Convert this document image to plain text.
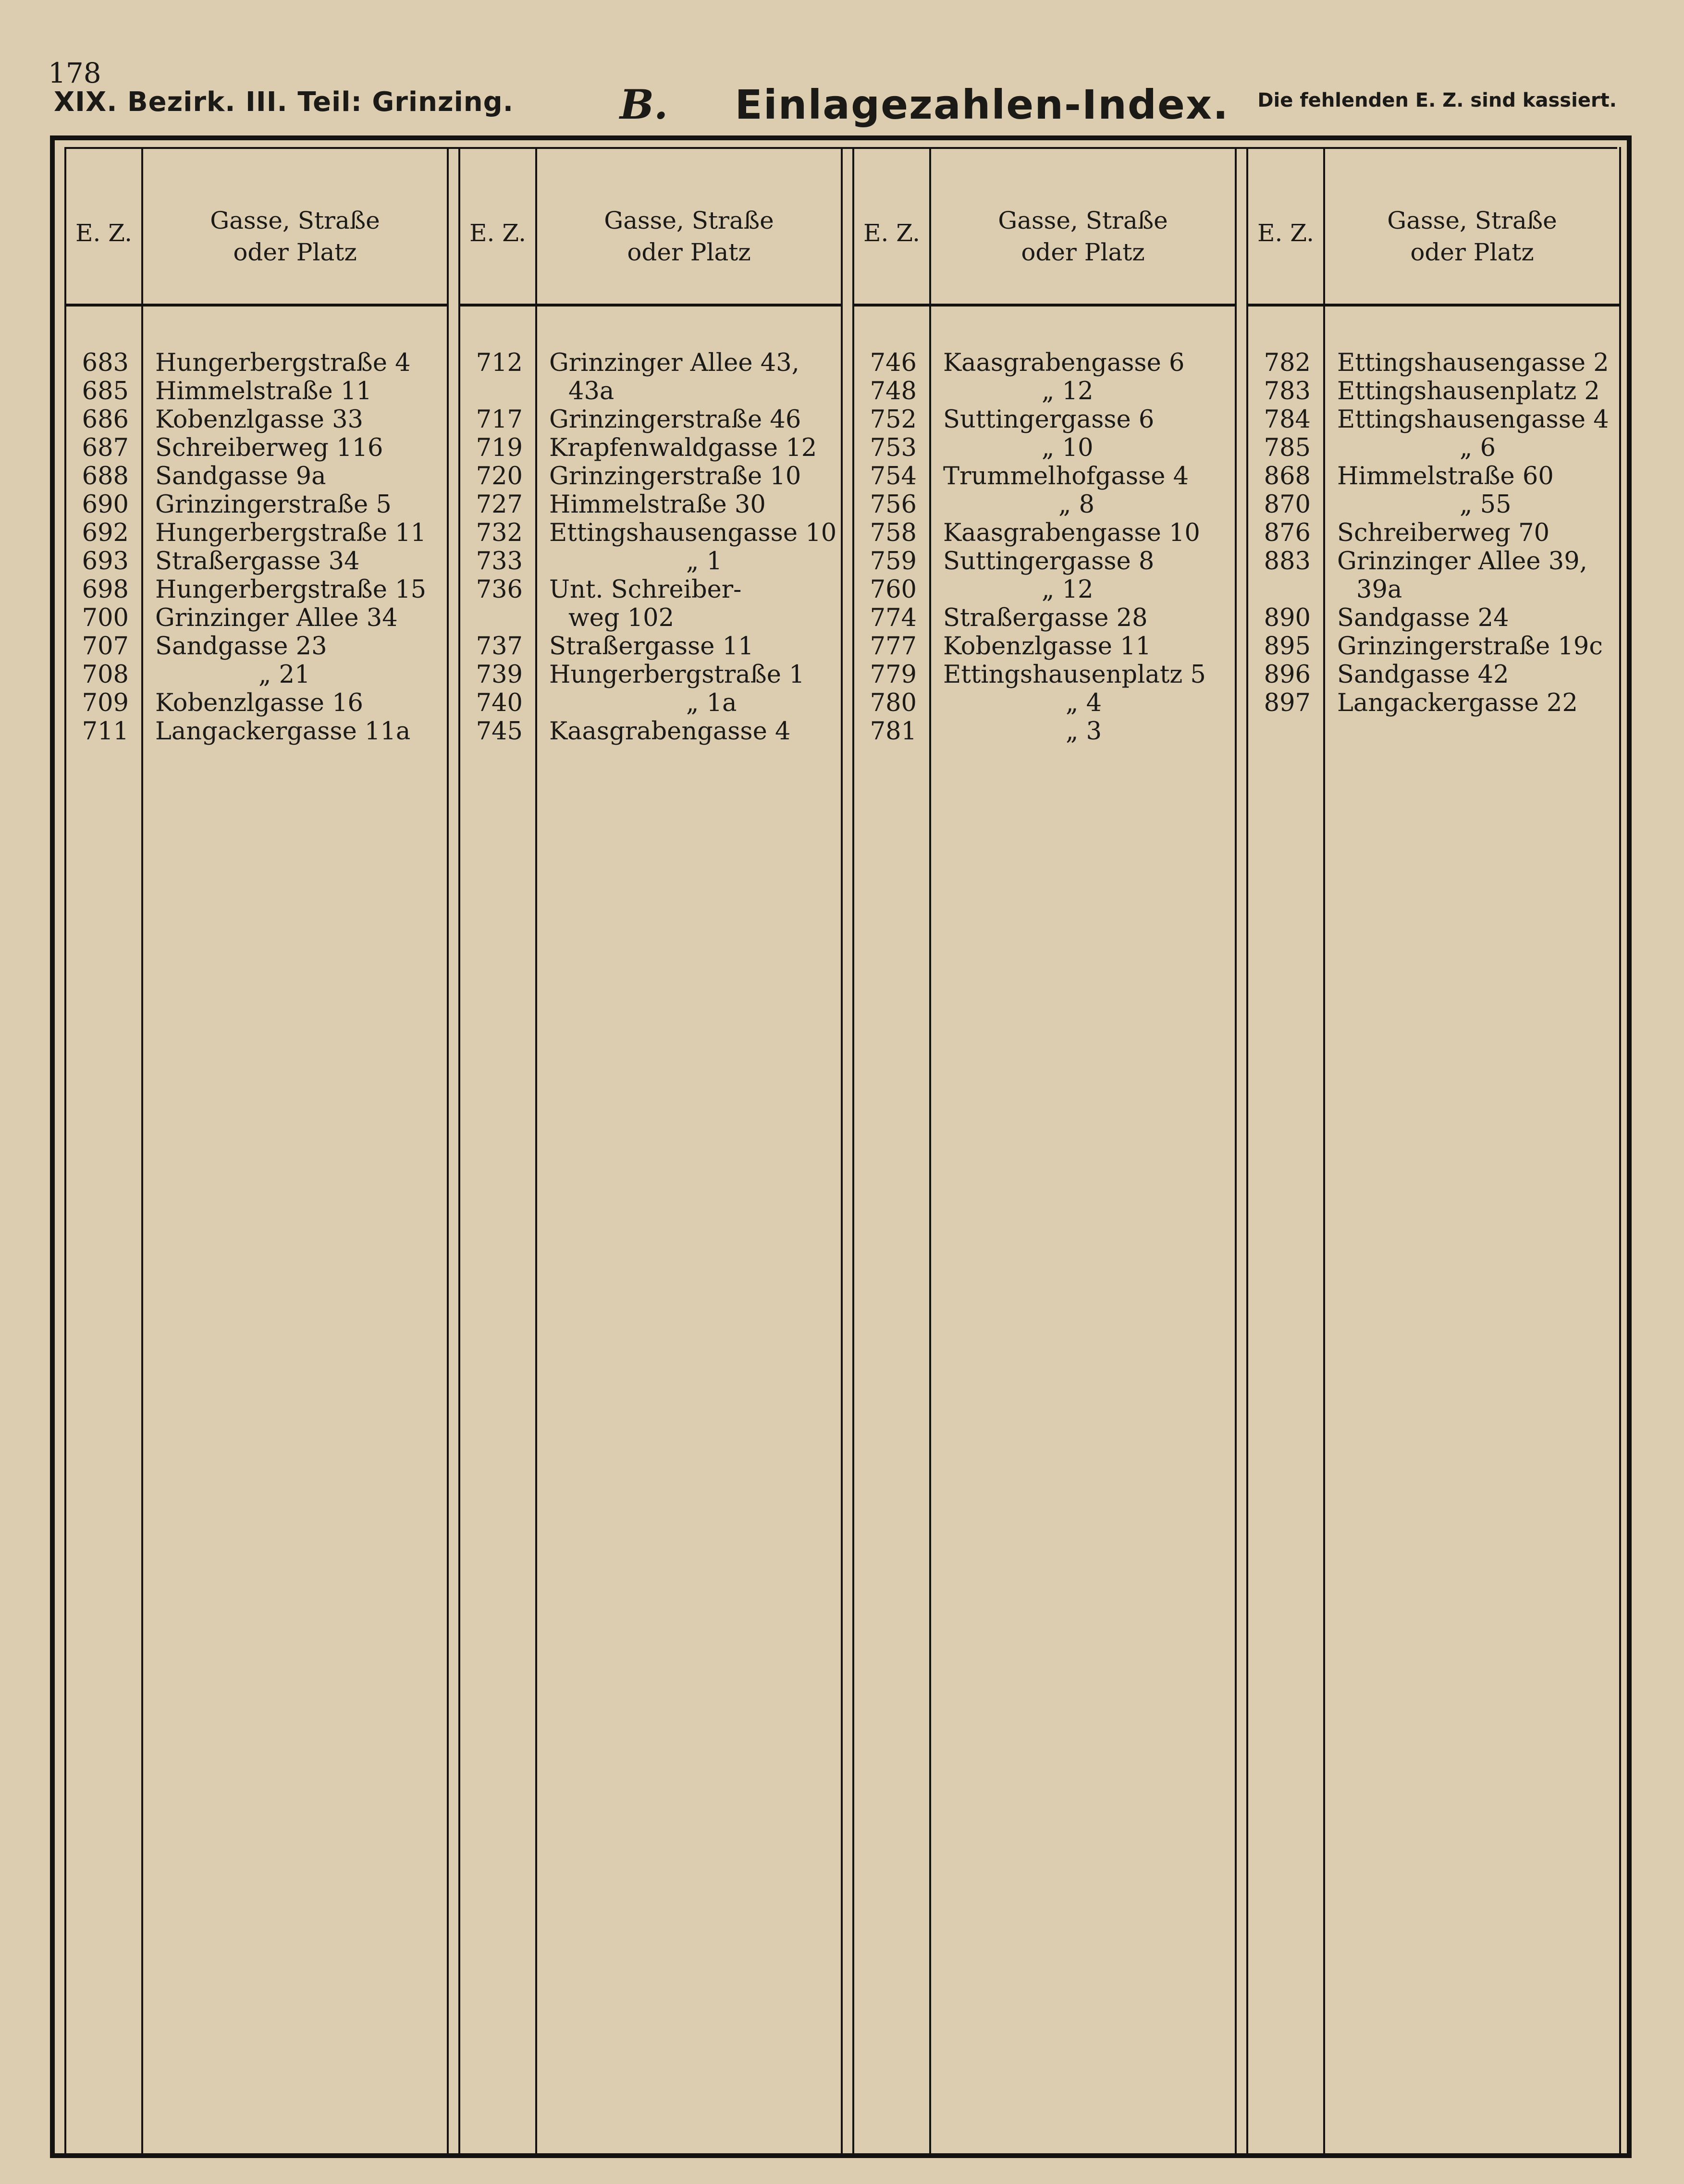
178
XIX. Bezirk. III. Teil: Grinzing.	B. Einlagezahlen-Index. Die fehlenden E. Z. sind kassiert.
E. Z.	Gasse, Straße
oder Platz
683 Hungerbergstraße 4
685 Himmelstraße 11
686 Kobenzlgasse 33
687 Schreiberweg 116
688 Sandgasse 9a
690 Grinzingerstraße 5
692 Hungerbergstraße 11
693 Straßergasse 34
698 Hungerbergstraße 15
700 Grinzinger Allee 34
707 Sandgasse 23
708	„ 21
709 Kobenzlgasse 16
711 Langackergasse 11a
E. Z.	Gasse, Straße
oder Platz
712 Grinzinger Allee 43,
43a
717 Grinzingerstraße 46
719 Krapfenwaldgasse 12
720 Grinzingerstraße 10
727 Himmelstraße 30
732 Ettingshausengasse 10
733	„ 1
736 Unt. Schreiber-
weg 102
737 Straßergasse 11
739 Hungerbergstraße 1
740	„ 1a
745 Kaasgrabengasse 4
E. Z.	Gasse, Straße
oder Platz
746 Kaasgrabengasse 6
748	„ 12
752 Suttingergasse 6
753	„ 10
754 Trummelhofgasse 4
756	„ 8
758 Kaasgrabengasse 10
759 Suttingergasse 8
760	„ 12
774 Straßergasse 28
777 Kobenzlgasse 11
779 Ettingshausenplatz 5
780	„ 4
781	„ 3
E. Z.	Gasse, Straße
oder Platz
782 Ettingshausengasse 2
783 Ettingshausenplatz 2
784 Ettingshausengasse 4
785	„ 6
868 Himmelstraße 60
870	„ 55
876 Schreiberweg 70
883 Grinzinger Allee 39,
39a
890 Sandgasse 24
895 Grinzingerstraße 19c
896 Sandgasse 42
897 Langackergasse 22
